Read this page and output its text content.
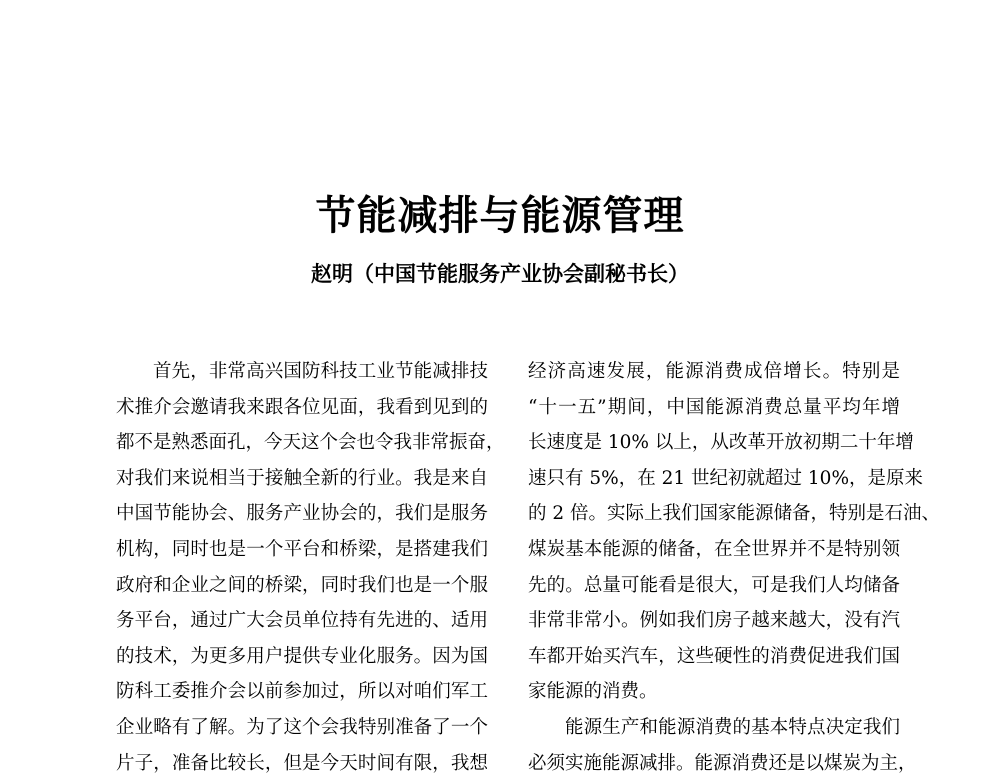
节能减排与能源管理
赵明（中国节能服务产业协会副秘书长）
首先，非常高兴国防科技工业节能减排技
术推介会邀请我来跟各位见面，我看到见到的
都不是熟悉面孔，今天这个会也令我非常振奋，
对我们来说相当于接触全新的行业。我是来自
中国节能协会、服务产业协会的，我们是服务
机构，同时也是一个平台和桥梁，是搭建我们
政府和企业之间的桥梁，同时我们也是一个服
务平台，通过广大会员单位持有先进的、适用
的技术，为更多用户提供专业化服务。因为国
防科工委推介会以前参加过，所以对咱们军工
企业略有了解。为了这个会我特别准备了一个
片子，准备比较长，但是今天时间有限，我想
经济高速发展，能源消费成倍增长。特别是
“十一五”期间，中国能源消费总量平均年增
长速度是 10% 以上，从改革开放初期二十年增
速只有 5%，在 21 世纪初就超过 10%，是原来
的 2 倍。实际上我们国家能源储备，特别是石油、
煤炭基本能源的储备，在全世界并不是特别领
先的。总量可能看是很大，可是我们人均储备
非常非常小。例如我们房子越来越大，没有汽
车都开始买汽车，这些硬性的消费促进我们国
家能源的消费。
能源生产和能源消费的基本特点决定我们
必须实施能源减排。能源消费还是以煤炭为主，
